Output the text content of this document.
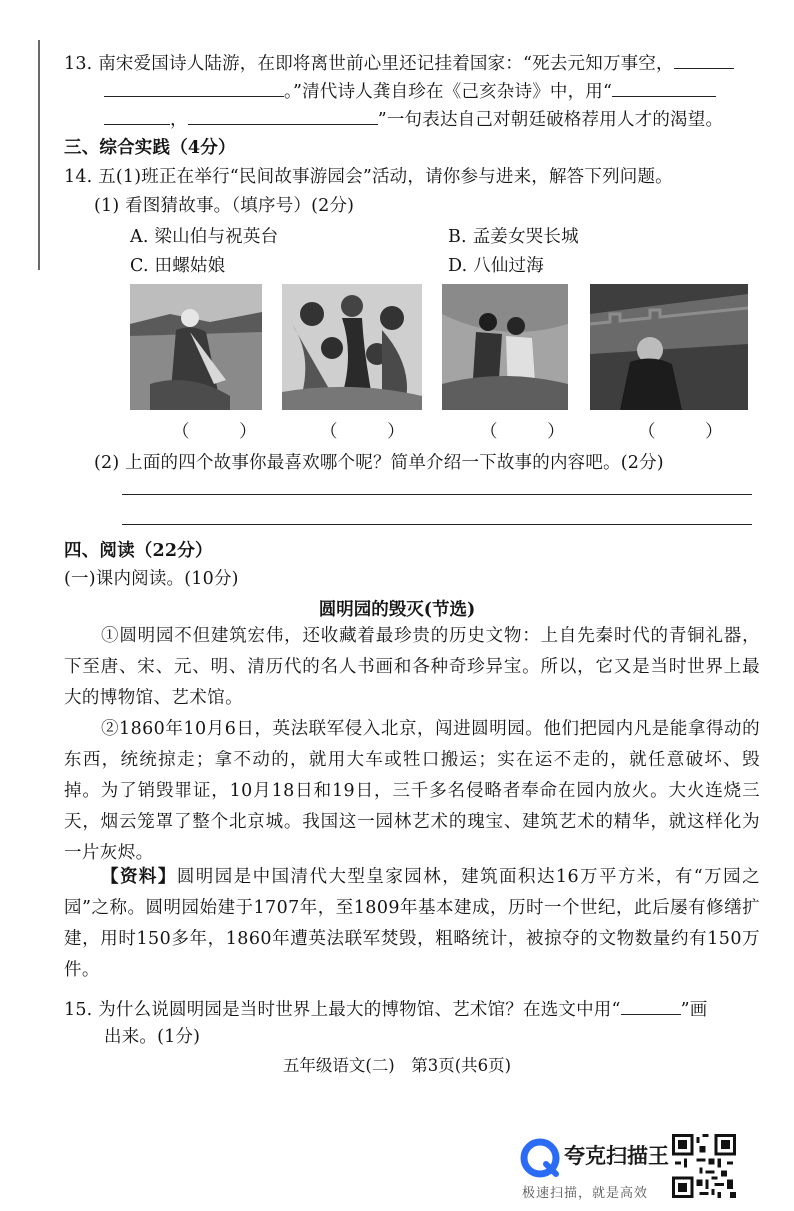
13. 南宋爱国诗人陆游，在即将离世前心里还记挂着国家：“死去元知万事空，
。”清代诗人龚自珍在《己亥杂诗》中，用“
，	”一句表达自己对朝廷破格荐用人才的渴望。
三、综合实践（4分）
14. 五(1)班正在举行“民间故事游园会”活动，请你参与进来，解答下列问题。
(1) 看图猜故事。（填序号）(2分)
A. 梁山伯与祝英台	B. 孟姜女哭长城
C. 田螺姑娘	D. 八仙过海
（ ） （ ）	（ ）	（ ）
(2) 上面的四个故事你最喜欢哪个呢？简单介绍一下故事的内容吧。(2分)
四、阅读（22分）
(一)课内阅读。(10分)
圆明园的毁灭(节选)
①圆明园不但建筑宏伟，还收藏着最珍贵的历史文物：上自先秦时代的青铜礼器，下至唐、宋、元、明、清历代的名人书画和各种奇珍异宝。所以，它又是当时世界上最大的博物馆、艺术馆。
②1860年10月6日，英法联军侵入北京，闯进圆明园。他们把园内凡是能拿得动的东西，统统掠走；拿不动的，就用大车或牲口搬运；实在运不走的，就任意破坏、毁掉。为了销毁罪证，10月18日和19日，三千多名侵略者奉命在园内放火。大火连烧三天，烟云笼罩了整个北京城。我国这一园林艺术的瑰宝、建筑艺术的精华，就这样化为一片灰烬。
【资料】圆明园是中国清代大型皇家园林，建筑面积达16万平方米，有“万园之园”之称。圆明园始建于1707年，至1809年基本建成，历时一个世纪，此后屡有修缮扩建，用时150多年，1860年遭英法联军焚毁，粗略统计，被掠夺的文物数量约有150万件。
15. 为什么说圆明园是当时世界上最大的博物馆、艺术馆？在选文中用“	”画
出来。(1分)
五年级语文(二)　第3页(共6页)
夸克扫描王
极速扫描，就是高效
